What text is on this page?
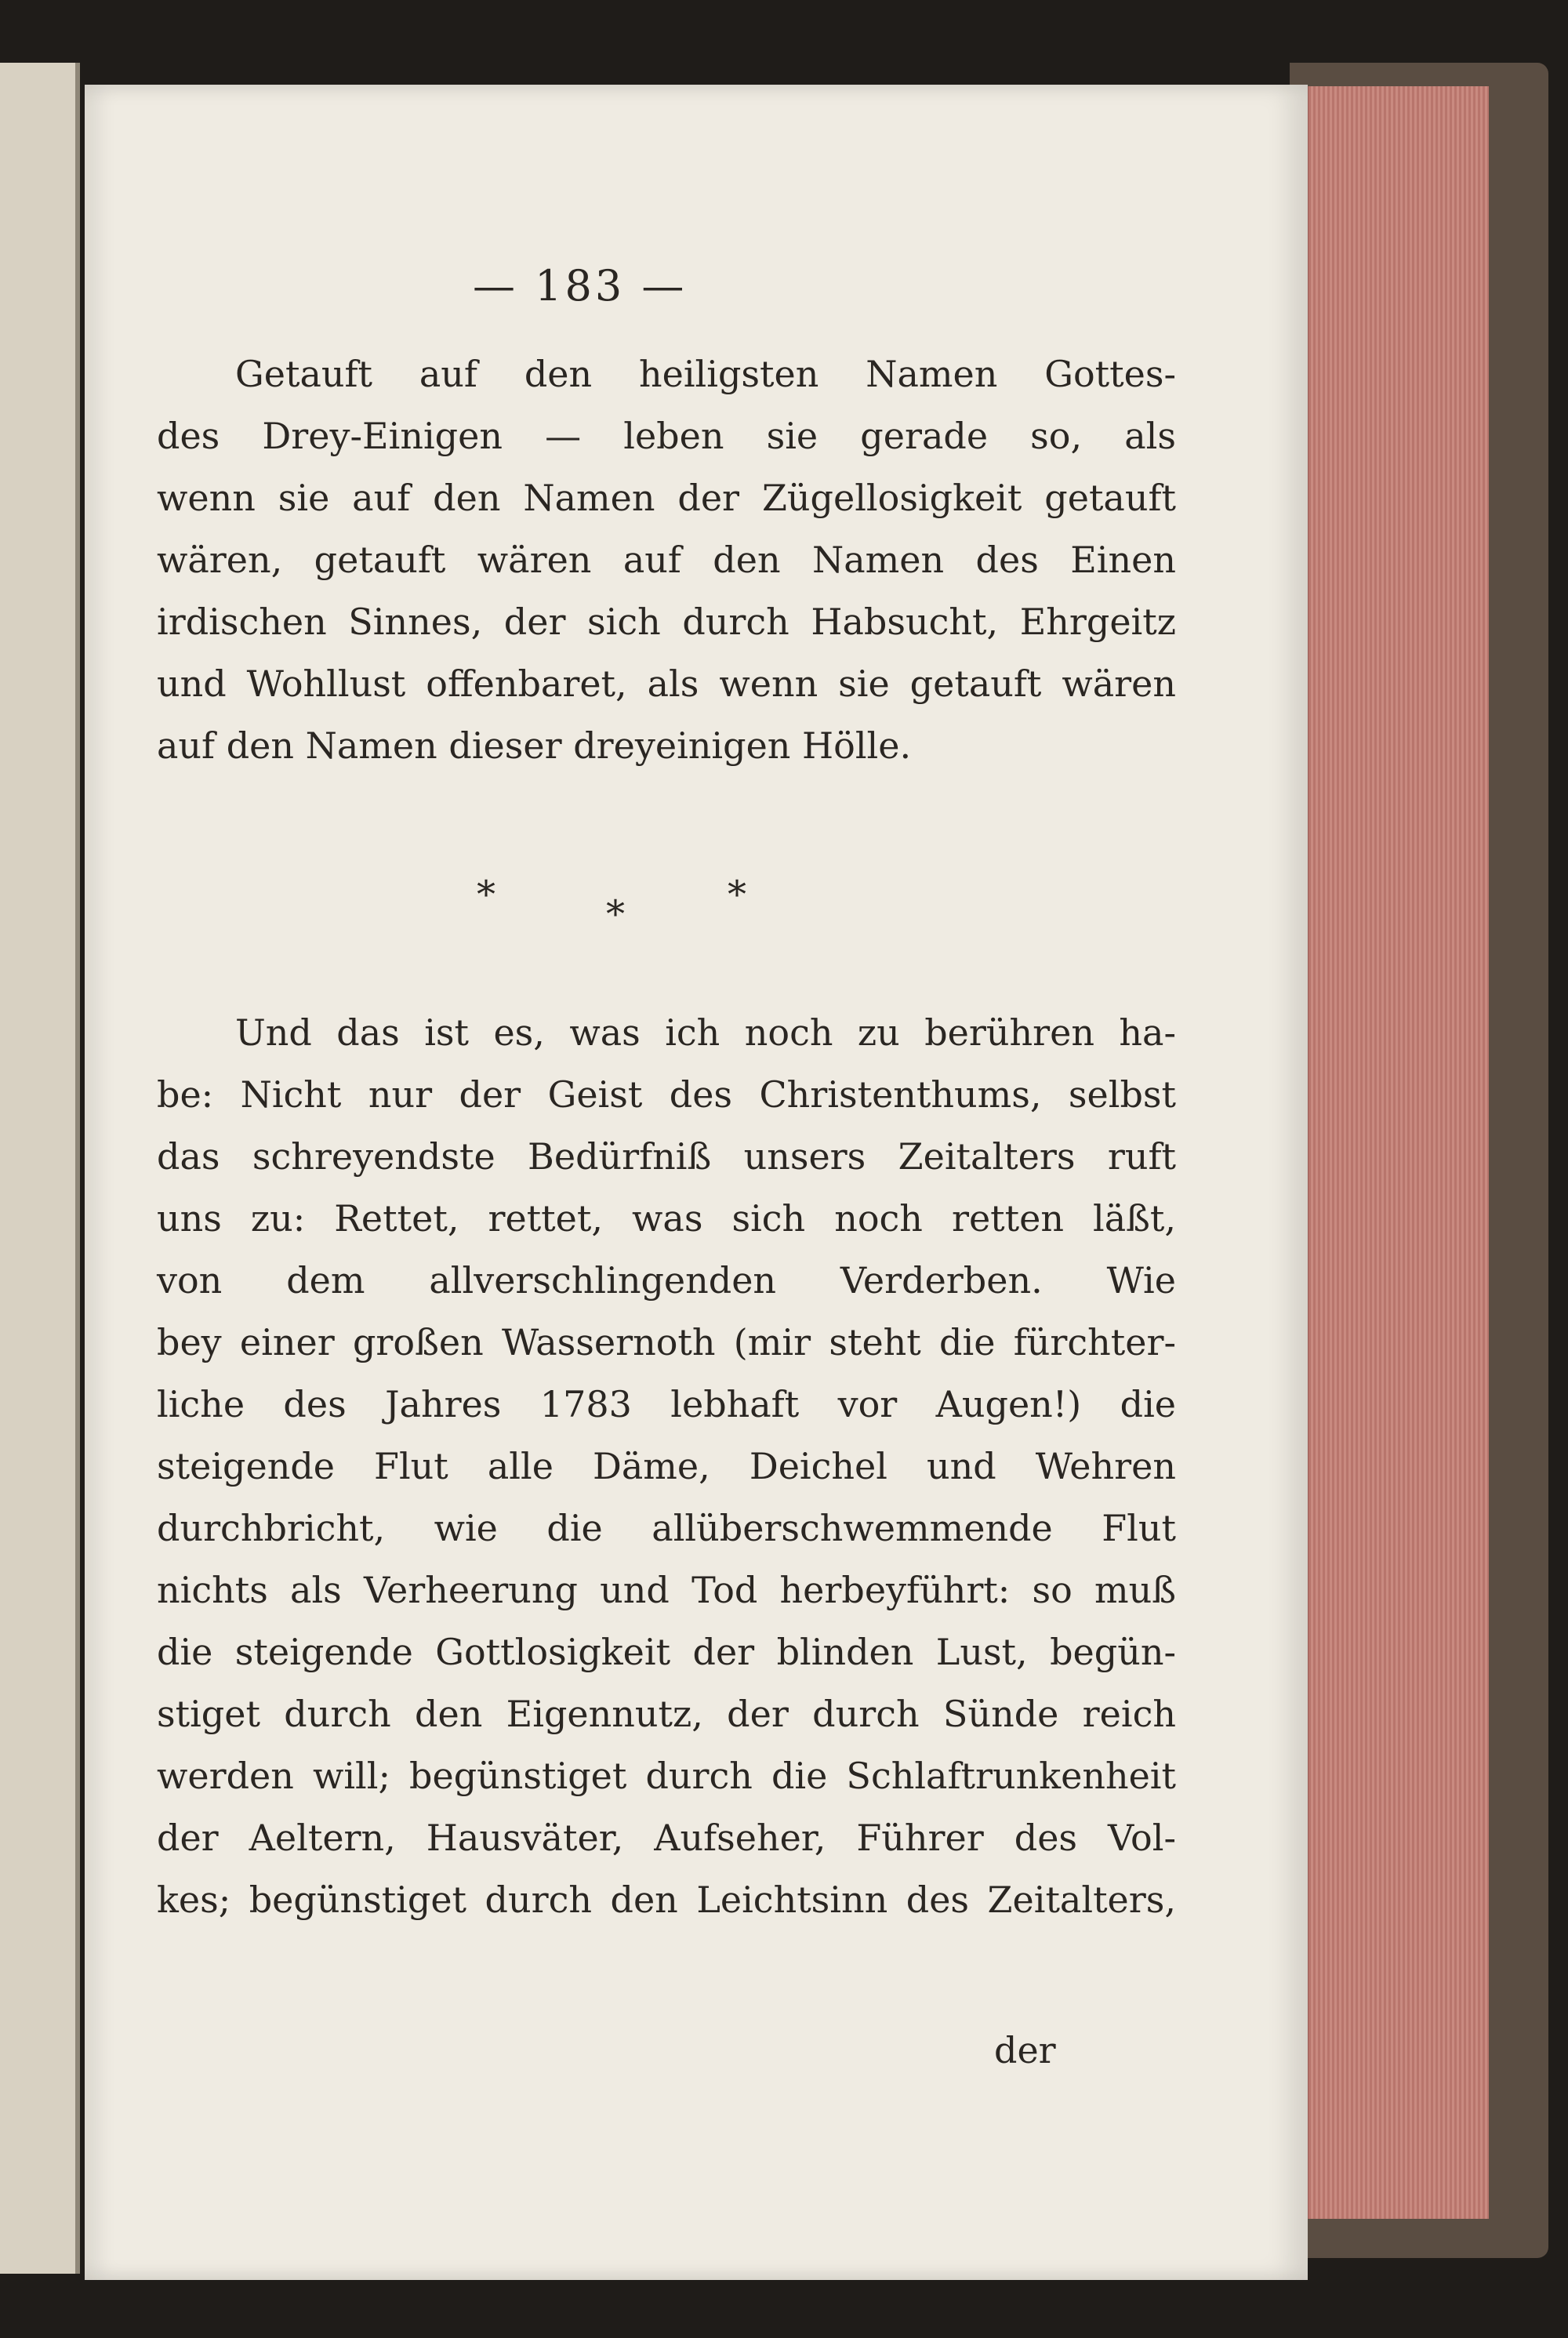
— 183 —
Getauft auf den heiligsten Namen Gottes-
des Drey-Einigen — leben sie gerade so, als
wenn sie auf den Namen der Zügellosigkeit getauft
wären, getauft wären auf den Namen des Einen
irdischen Sinnes, der sich durch Habsucht, Ehrgeitz
und Wohllust offenbaret, als wenn sie getauft wären
auf den Namen dieser dreyeinigen Hölle.
*	*	*
Und das ist es, was ich noch zu berühren ha-
be: Nicht nur der Geist des Christenthums, selbst
das schreyendste Bedürfniß unsers Zeitalters ruft
uns zu: Rettet, rettet, was sich noch retten läßt,
von dem allverschlingenden Verderben. Wie
bey einer großen Wassernoth (mir steht die fürchter-
liche des Jahres 1783 lebhaft vor Augen!) die
steigende Flut alle Däme, Deichel und Wehren
durchbricht, wie die allüberschwemmende Flut
nichts als Verheerung und Tod herbeyführt: so muß
die steigende Gottlosigkeit der blinden Lust, begün-
stiget durch den Eigennutz, der durch Sünde reich
werden will; begünstiget durch die Schlaftrunkenheit
der Aeltern, Hausväter, Aufseher, Führer des Vol-
kes; begünstiget durch den Leichtsinn des Zeitalters,
der
